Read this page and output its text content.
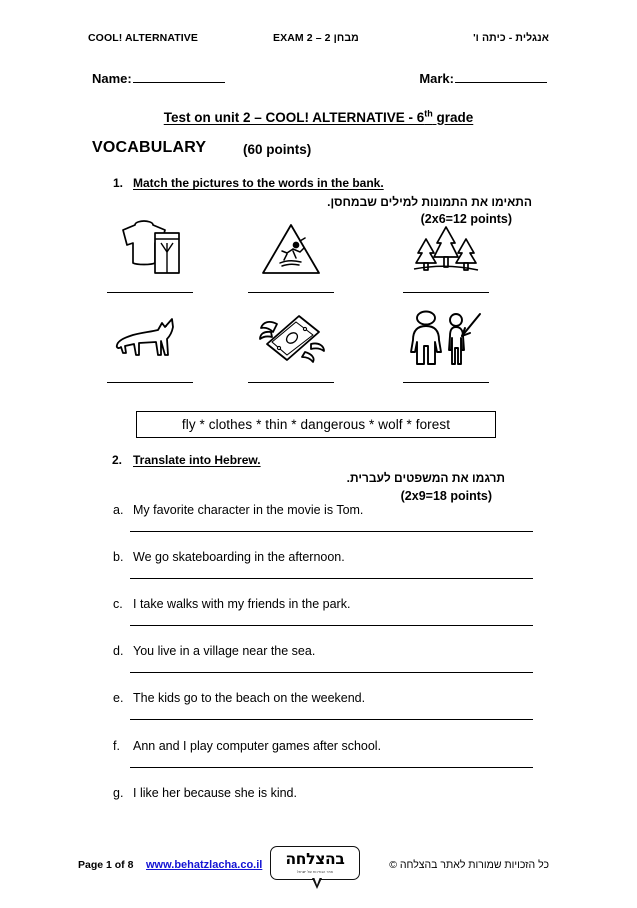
COOL! ALTERNATIVE	EXAM 2 – 2 מבחן	אנגלית - כיתה ו'
Name:	Mark:
Test on unit 2 – COOL! ALTERNATIVE - 6th grade
VOCABULARY	(60 points)
1. Match the pictures to the words in the bank.
התאימו את התמונות למילים שבמחסן.
(2x6=12 points)
fly * clothes * thin * dangerous * wolf * forest
2. Translate into Hebrew.
תרגמו את המשפטים לעברית.
(2x9=18 points)
a. My favorite character in the movie is Tom.
b. We go skateboarding in the afternoon.
c. I take walks with my friends in the park.
d. You live in a village near the sea.
e. The kids go to the beach on the weekend.
f. Ann and I play computer games after school.
g. I like her because she is kind.
Page 1 of 8 www.behatzlacha.co.il בהצלחה
אתר הבחינות של ישראל
כל הזכויות שמורות לאתר בהצלחה ©
